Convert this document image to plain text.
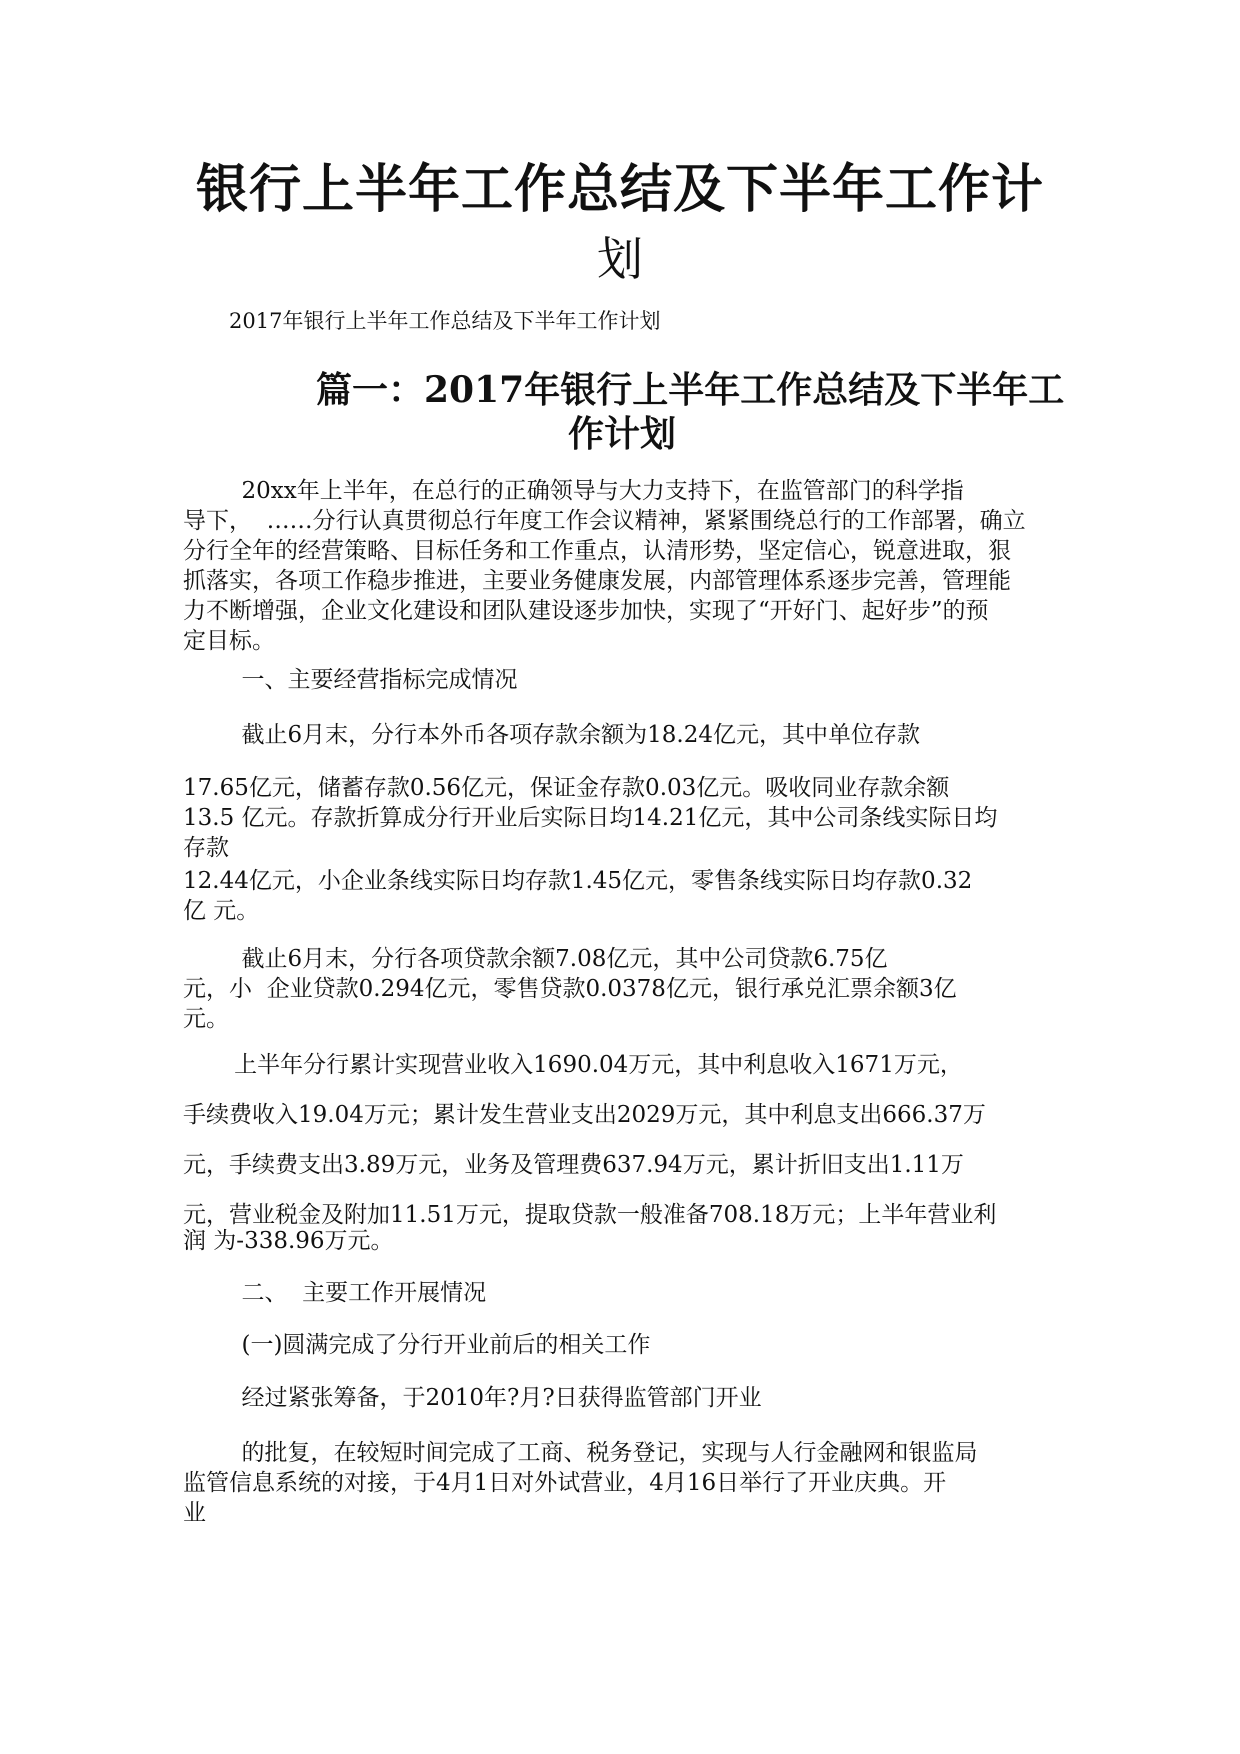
银行上半年工作总结及下半年工作计
划
2017年银行上半年工作总结及下半年工作计划
篇一：2017年银行上半年工作总结及下半年工
作计划

20xx年上半年，在总行的正确领导与大力支持下，在监管部门的科学指
导下，  ……分行认真贯彻总行年度工作会议精神，紧紧围绕总行的工作部署，确立
分行全年的经营策略、目标任务和工作重点，认清形势，坚定信心，锐意进取，狠
抓落实，各项工作稳步推进，主要业务健康发展，内部管理体系逐步完善，管理能
力不断增强，企业文化建设和团队建设逐步加快，实现了“开好门、起好步”的预
定目标。

一、主要经营指标完成情况

截止6月末，分行本外币各项存款余额为18.24亿元，其中单位存款

17.65亿元，储蓄存款0.56亿元，保证金存款0.03亿元。吸收同业存款余额
13.5 亿元。存款折算成分行开业后实际日均14.21亿元，其中公司条线实际日均
存款

12.44亿元，小企业条线实际日均存款1.45亿元，零售条线实际日均存款0.32
亿 元。

截止6月末，分行各项贷款余额7.08亿元，其中公司贷款6.75亿
元，小  企业贷款0.294亿元，零售贷款0.0378亿元，银行承兑汇票余额3亿
元。

上半年分行累计实现营业收入1690.04万元，其中利息收入1671万元，
手续费收入19.04万元；累计发生营业支出2029万元，其中利息支出666.37万
元，手续费支出3.89万元，业务及管理费637.94万元，累计折旧支出1.11万
元，营业税金及附加11.51万元，提取贷款一般准备708.18万元；上半年营业利

润 为-338.96万元。

二、  主要工作开展情况

(一)圆满完成了分行开业前后的相关工作

经过紧张筹备，于2010年?月?日获得监管部门开业

的批复，在较短时间完成了工商、税务登记，实现与人行金融网和银监局
监管信息系统的对接，于4月1日对外试营业，4月16日举行了开业庆典。开
业
